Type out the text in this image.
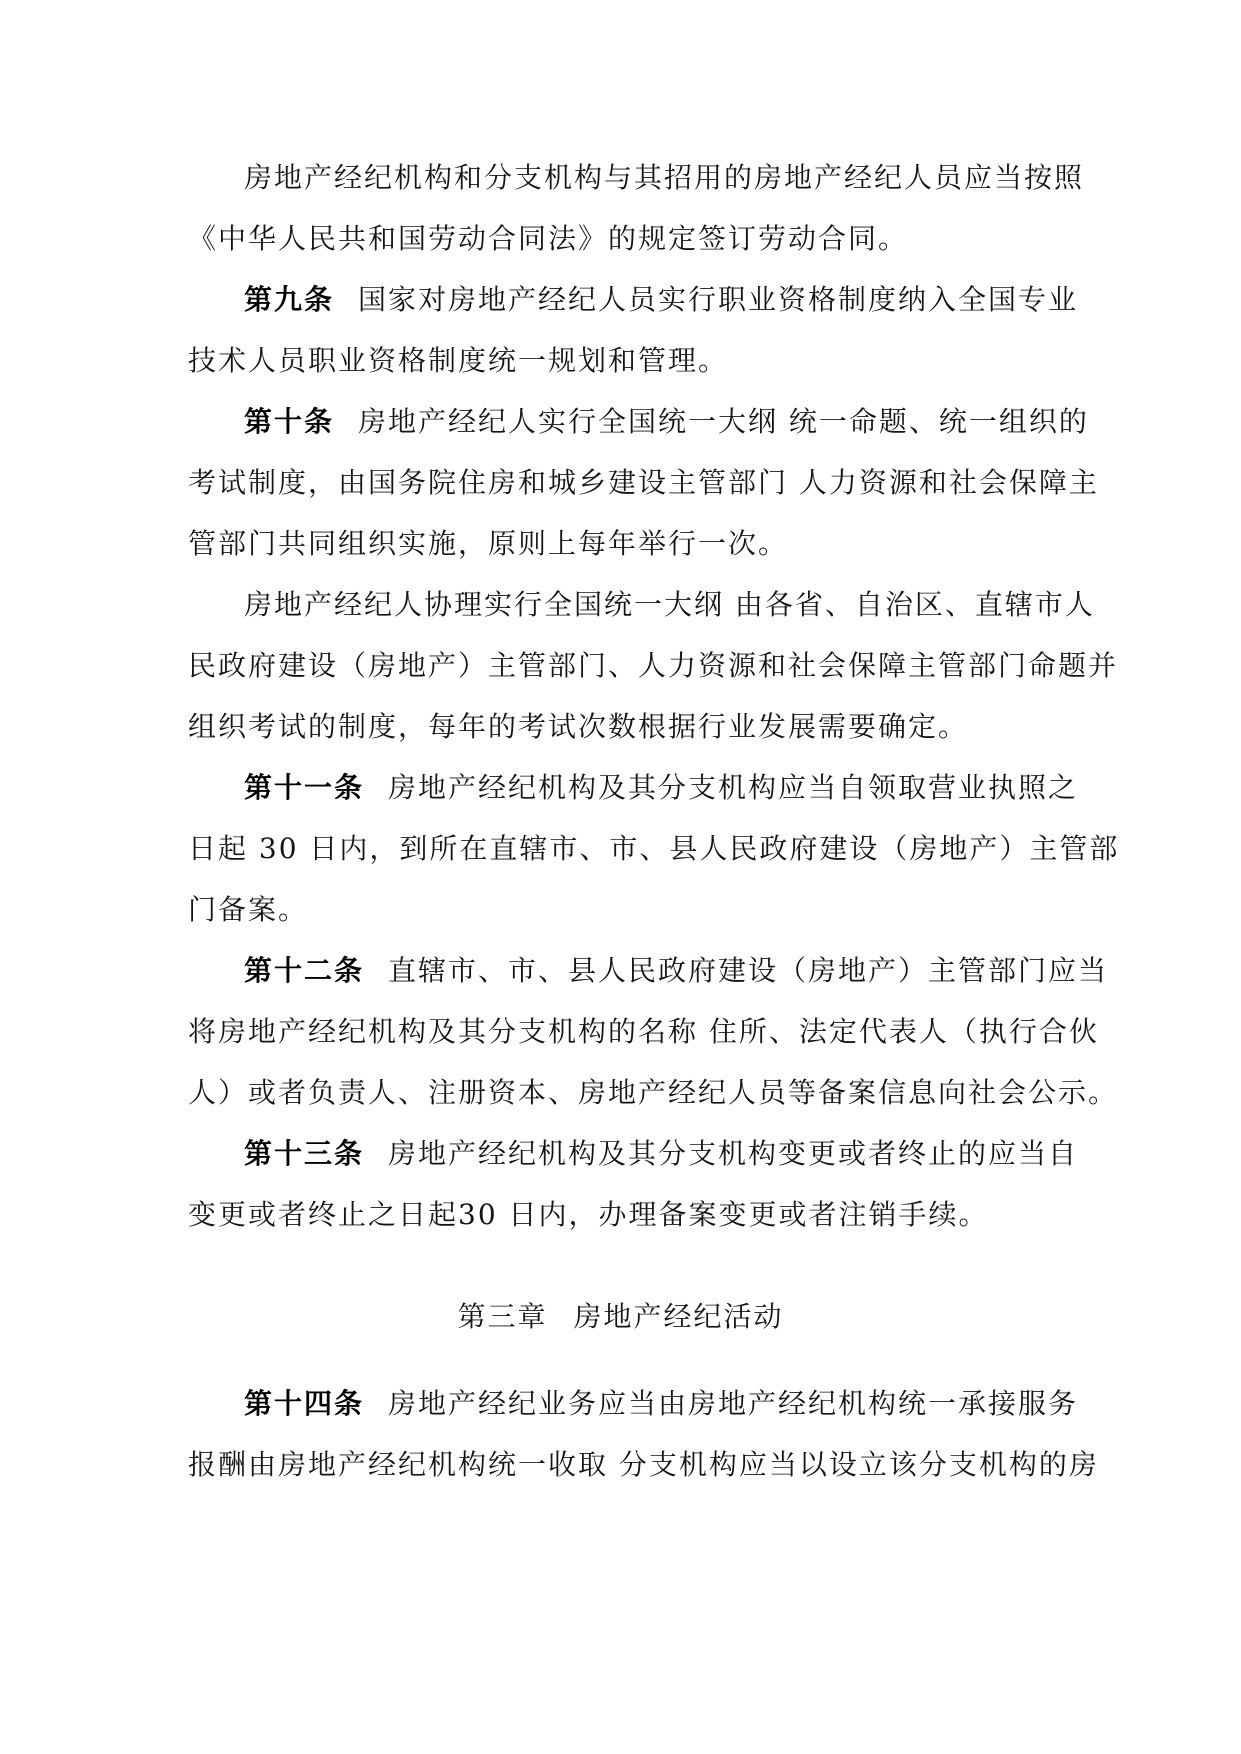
房地产经纪机构和分支机构与其招用的房地产经纪人员应当按照
《中华人民共和国劳动合同法》的规定签订劳动合同。
第九条 国家对房地产经纪人员实行职业资格制度纳入全国专业
技术人员职业资格制度统一规划和管理。
第十条 房地产经纪人实行全国统一大纲 统一命题、统一组织的
考试制度，由国务院住房和城乡建设主管部门 人力资源和社会保障主
管部门共同组织实施，原则上每年举行一次。
房地产经纪人协理实行全国统一大纲 由各省、自治区、直辖市人
民政府建设（房地产）主管部门、人力资源和社会保障主管部门命题并
组织考试的制度，每年的考试次数根据行业发展需要确定。
第十一条 房地产经纪机构及其分支机构应当自领取营业执照之
日起 30 日内，到所在直辖市、市、县人民政府建设（房地产）主管部
门备案。
第十二条 直辖市、市、县人民政府建设（房地产）主管部门应当
将房地产经纪机构及其分支机构的名称 住所、法定代表人（执行合伙
人）或者负责人、注册资本、房地产经纪人员等备案信息向社会公示。
第十三条 房地产经纪机构及其分支机构变更或者终止的应当自
变更或者终止之日起30 日内，办理备案变更或者注销手续。
第十四条 房地产经纪业务应当由房地产经纪机构统一承接服务
报酬由房地产经纪机构统一收取 分支机构应当以设立该分支机构的房
第三章 房地产经纪活动
